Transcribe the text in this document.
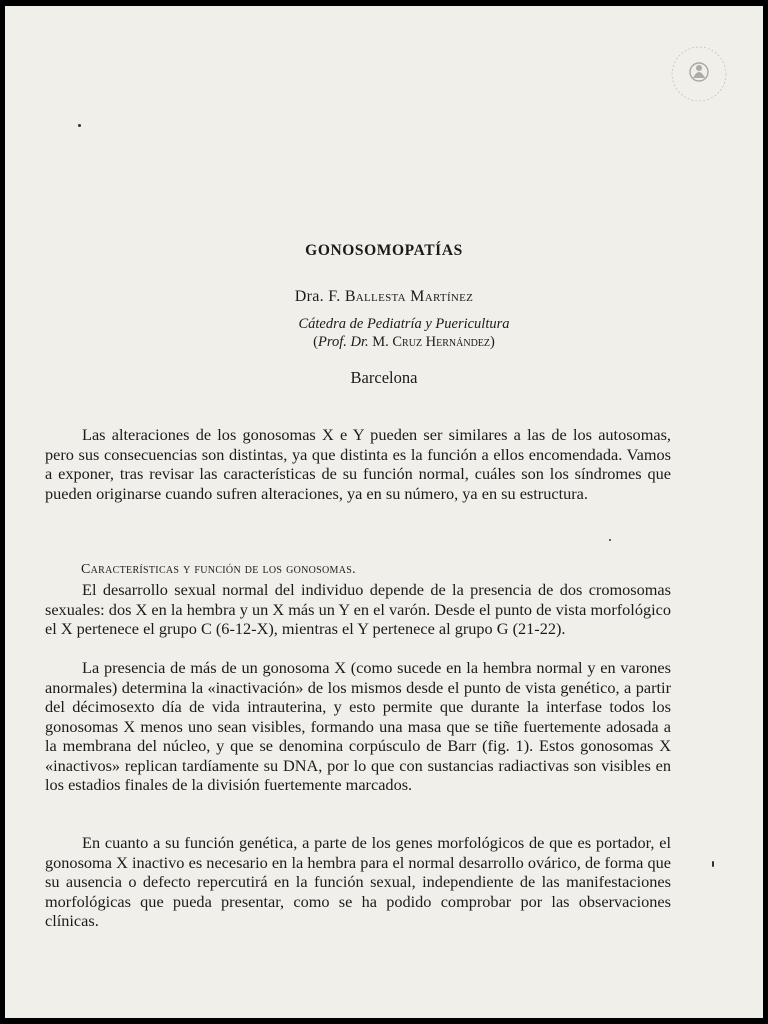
GONOSOMOPATÍAS
Dra. F. Ballesta Martínez
Cátedra de Pediatría y Puericultura
(Prof. Dr. M. Cruz Hernández)
Barcelona

Las alteraciones de los gonosomas X e Y pueden ser similares a las de los autosomas, pero sus consecuencias son distintas, ya que distinta es la función a ellos encomendada. Vamos a exponer, tras revisar las características de su función normal, cuáles son los síndromes que pueden originarse cuando sufren alteraciones, ya en su número, ya en su estructura.

Características y función de los gonosomas.

El desarrollo sexual normal del individuo depende de la presencia de dos cromosomas sexuales: dos X en la hembra y un X más un Y en el varón. Desde el punto de vista morfológico el X pertenece el grupo C (6-12-X), mientras el Y pertenece al grupo G (21-22).

La presencia de más de un gonosoma X (como sucede en la hembra normal y en varones anormales) determina la «inactivación» de los mismos desde el punto de vista genético, a partir del décimosexto día de vida intrauterina, y esto permite que durante la interfase todos los gonosomas X menos uno sean visibles, formando una masa que se tiñe fuertemente adosada a la membrana del núcleo, y que se denomina corpúsculo de Barr (fig. 1). Estos gonosomas X «inactivos» replican tardíamente su DNA, por lo que con sustancias radiactivas son visibles en los estadios finales de la división fuertemente marcados.

En cuanto a su función genética, a parte de los genes morfológicos de que es portador, el gonosoma X inactivo es necesario en la hembra para el normal desarrollo ovárico, de forma que su ausencia o defecto repercutirá en la función sexual, independiente de las manifestaciones morfológicas que pueda presentar, como se ha podido comprobar por las observaciones clínicas.
